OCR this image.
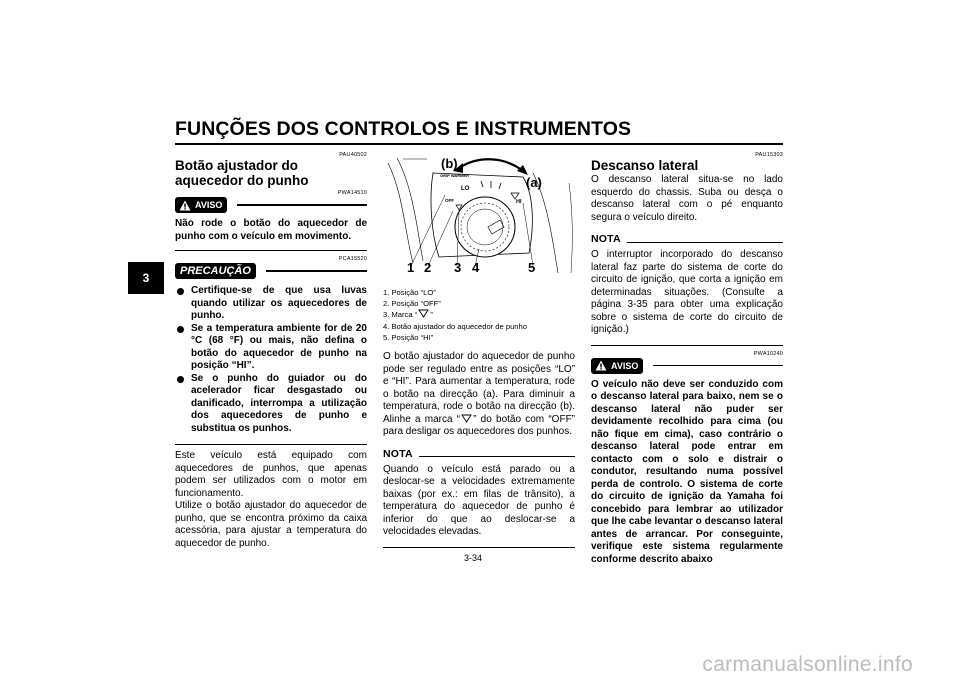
FUNÇÕES DOS CONTROLOS E INSTRUMENTOS
3
PAU40502
Botão ajustador do aquecedor do punho
PWA14510
AVISO

Não rode o botão do aquecedor de punho com o veículo em movimento.

PCA15520
PRECAUÇÃO
Certifique-se de que usa luvas quando utilizar os aquecedores de punho.
Se a temperatura ambiente for de 20 °C (68 °F) ou mais, não defina o botão do aquecedor de punho na posição “HI”.
Se o punho do guiador ou do acelerador ficar desgastado ou danificado, interrompa a utilização dos aquecedores de punho e substitua os punhos.

Este veículo está equipado com aquecedores de punhos, que apenas podem ser utilizados com o motor em funcionamento.

Utilize o botão ajustador do aquecedor de punho, que se encontra próximo da caixa acessória, para ajustar a temperatura do aquecedor de punho.

(b)
(a)
GRIP WARMER
LO
OFF	HI
1 2 3 4	5
1. Posição “LO”
2. Posição “OFF”
3. Marca “ ”
4. Botão ajustador do aquecedor de punho
5. Posição “HI”

O botão ajustador do aquecedor de punho pode ser regulado entre as posições “LO” e “HI”. Para aumentar a temperatura, rode o botão na direcção (a). Para diminuir a temperatura, rode o botão na direcção (b). Alinhe a marca “ ” do botão com “OFF” para desligar os aquecedores dos punhos.

NOTA

Quando o veículo está parado ou a deslocar-se a velocidades extremamente baixas (por ex.: em filas de trânsito), a temperatura do aquecedor de punho é inferior do que ao deslocar-se a velocidades elevadas.

PAU15303
Descanso lateral

O descanso lateral situa-se no lado esquerdo do chassis. Suba ou desça o descanso lateral com o pé enquanto segura o veículo direito.

NOTA

O interruptor incorporado do descanso lateral faz parte do sistema de corte do circuito de ignição, que corta a ignição em determinadas situações. (Consulte a página 3-35 para obter uma explicação sobre o sistema de corte do circuito de ignição.)

PWA10240
AVISO

O veículo não deve ser conduzido com o descanso lateral para baixo, nem se o descanso lateral não puder ser devidamente recolhido para cima (ou não fique em cima), caso contrário o descanso lateral pode entrar em contacto com o solo e distrair o condutor, resultando numa possível perda de controlo. O sistema de corte do circuito de ignição da Yamaha foi concebido para lembrar ao utilizador que lhe cabe levantar o descanso lateral antes de arrancar. Por conseguinte, verifique este sistema regularmente conforme descrito abaixo

3-34
carmanualsonline.info
